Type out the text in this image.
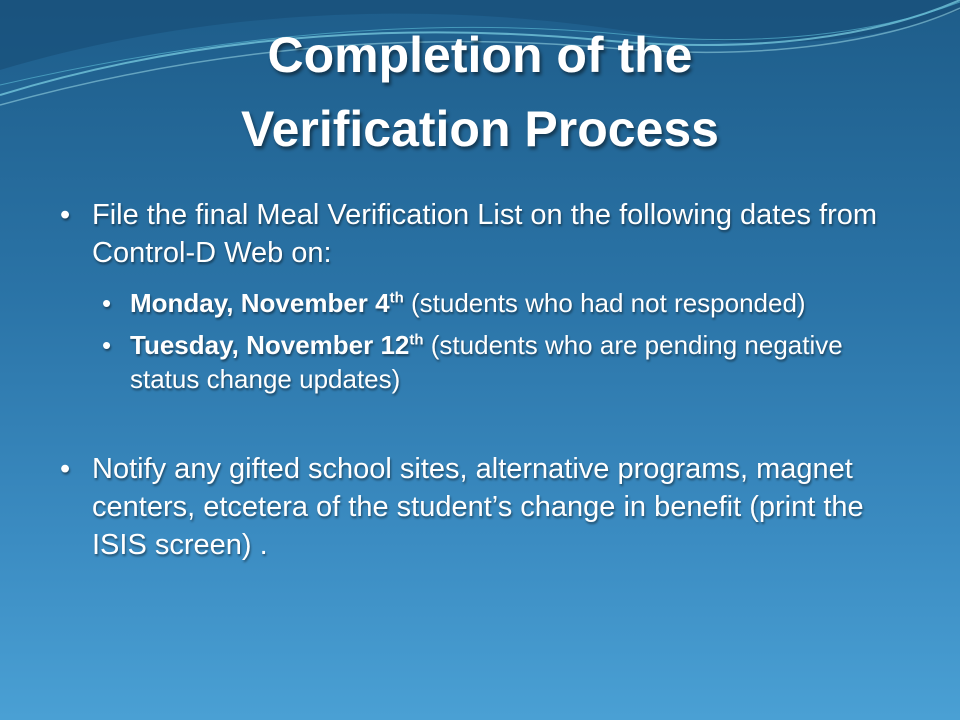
Completion of the
Verification Process
• File the final Meal Verification List on the following dates from Control-D Web on:
• Monday, November 4th (students who had not responded)
• Tuesday, November 12th (students who are pending negative status change updates)
• Notify any gifted school sites, alternative programs, magnet centers, etcetera of the student’s change in benefit (print the ISIS screen) .
